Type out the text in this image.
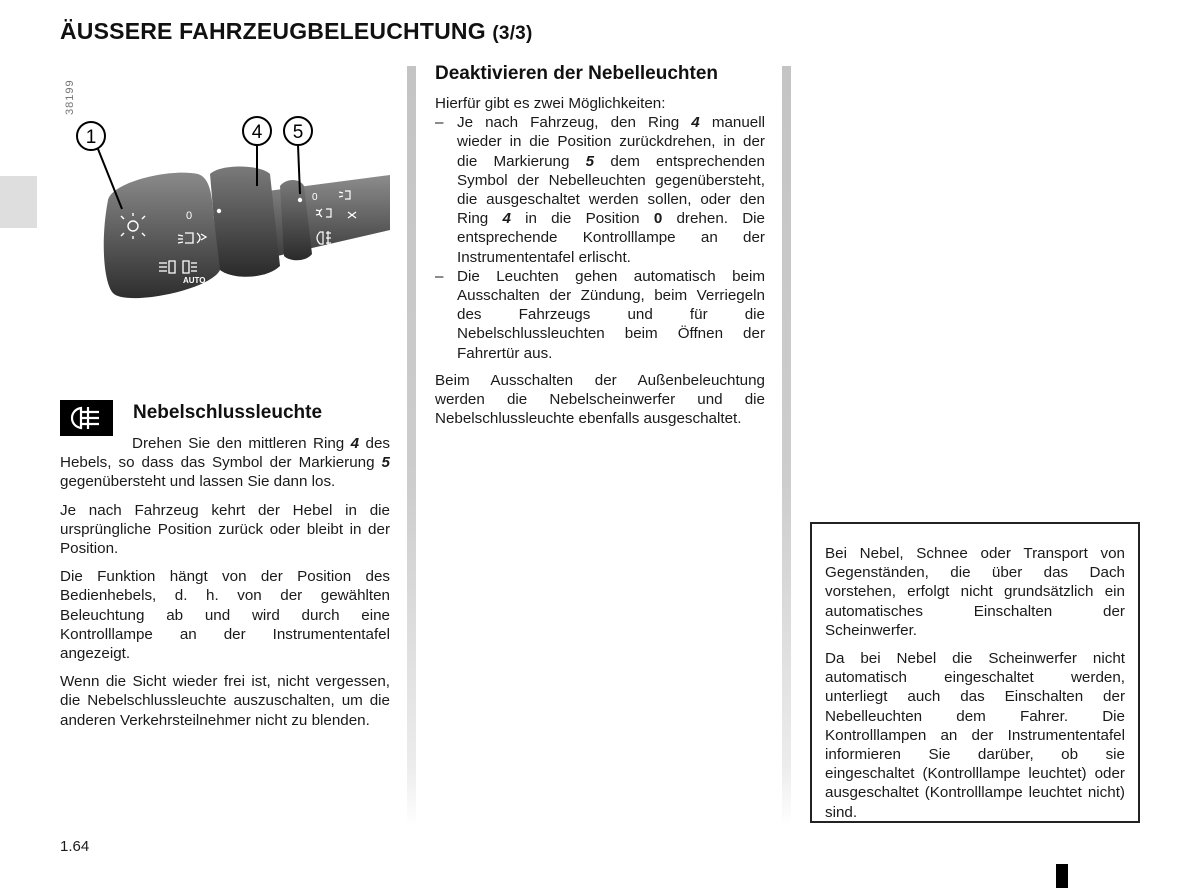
ÄUSSERE FAHRZEUGBELEUCHTUNG (3/3)
38199
1	4 5
0
AUTO
0
Nebelschlussleuchte

Drehen Sie den mittleren Ring 4 des Hebels, so dass das Symbol der Markierung 5 gegenübersteht und lassen Sie dann los.

Je nach Fahrzeug kehrt der Hebel in die ursprüngliche Position zurück oder bleibt in der Position.

Die Funktion hängt von der Position des Bedienhebels, d. h. von der gewählten Beleuchtung ab und wird durch eine Kontrolllampe an der Instrumententafel angezeigt.

Wenn die Sicht wieder frei ist, nicht vergessen, die Nebelschlussleuchte auszuschalten, um die anderen Verkehrsteilnehmer nicht zu blenden.

Deaktivieren der Nebelleuchten

Hierfür gibt es zwei Möglichkeiten:

– Je nach Fahrzeug, den Ring 4 manuell wieder in die Position zurückdrehen, in der die Markierung 5 dem entsprechenden Symbol der Nebelleuchten gegenübersteht, die ausgeschaltet werden sollen, oder den Ring 4 in die Position 0 drehen. Die entsprechende Kontrolllampe an der Instrumententafel erlischt.
– Die Leuchten gehen automatisch beim Ausschalten der Zündung, beim Verriegeln des Fahrzeugs und für die Nebelschlussleuchten beim Öffnen der Fahrertür aus.

Beim Ausschalten der Außenbeleuchtung werden die Nebelscheinwerfer und die Nebelschlussleuchte ebenfalls ausgeschaltet.

Bei Nebel, Schnee oder Transport von Gegenständen, die über das Dach vorstehen, erfolgt nicht grundsätzlich ein automatisches Einschalten der Scheinwerfer.

Da bei Nebel die Scheinwerfer nicht automatisch eingeschaltet werden, unterliegt auch das Einschalten der Nebelleuchten dem Fahrer. Die Kontrolllampen an der Instrumententafel informieren Sie darüber, ob sie eingeschaltet (Kontrolllampe leuchtet) oder ausgeschaltet (Kontrolllampe leuchtet nicht) sind.

1.64
